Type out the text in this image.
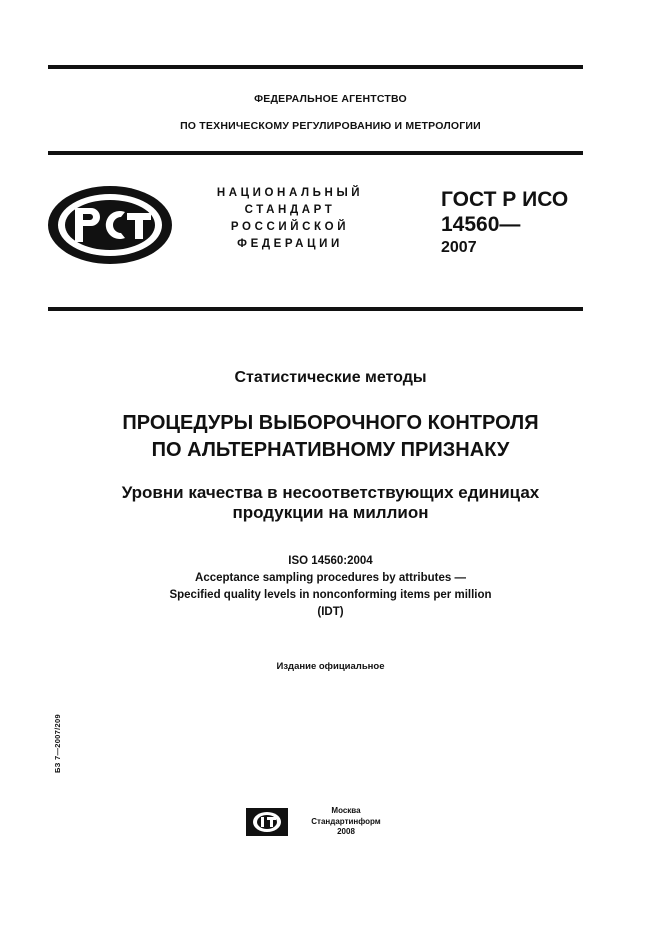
ФЕДЕРАЛЬНОЕ АГЕНТСТВО
ПО ТЕХНИЧЕСКОМУ РЕГУЛИРОВАНИЮ И МЕТРОЛОГИИ
НАЦИОНАЛЬНЫЙ
СТАНДАРТ
РОССИЙСКОЙ
ФЕДЕРАЦИИ
ГОСТ Р ИСО
14560—
2007
Статистические методы
ПРОЦЕДУРЫ ВЫБОРОЧНОГО КОНТРОЛЯ
ПО АЛЬТЕРНАТИВНОМУ ПРИЗНАКУ
Уровни качества в несоответствующих единицах
продукции на миллион
ISO 14560:2004
Acceptance sampling procedures by attributes —
Specified quality levels in nonconforming items per million
(IDT)
Издание официальное
БЗ 7—2007/209
Москва
Стандартинформ
2008
